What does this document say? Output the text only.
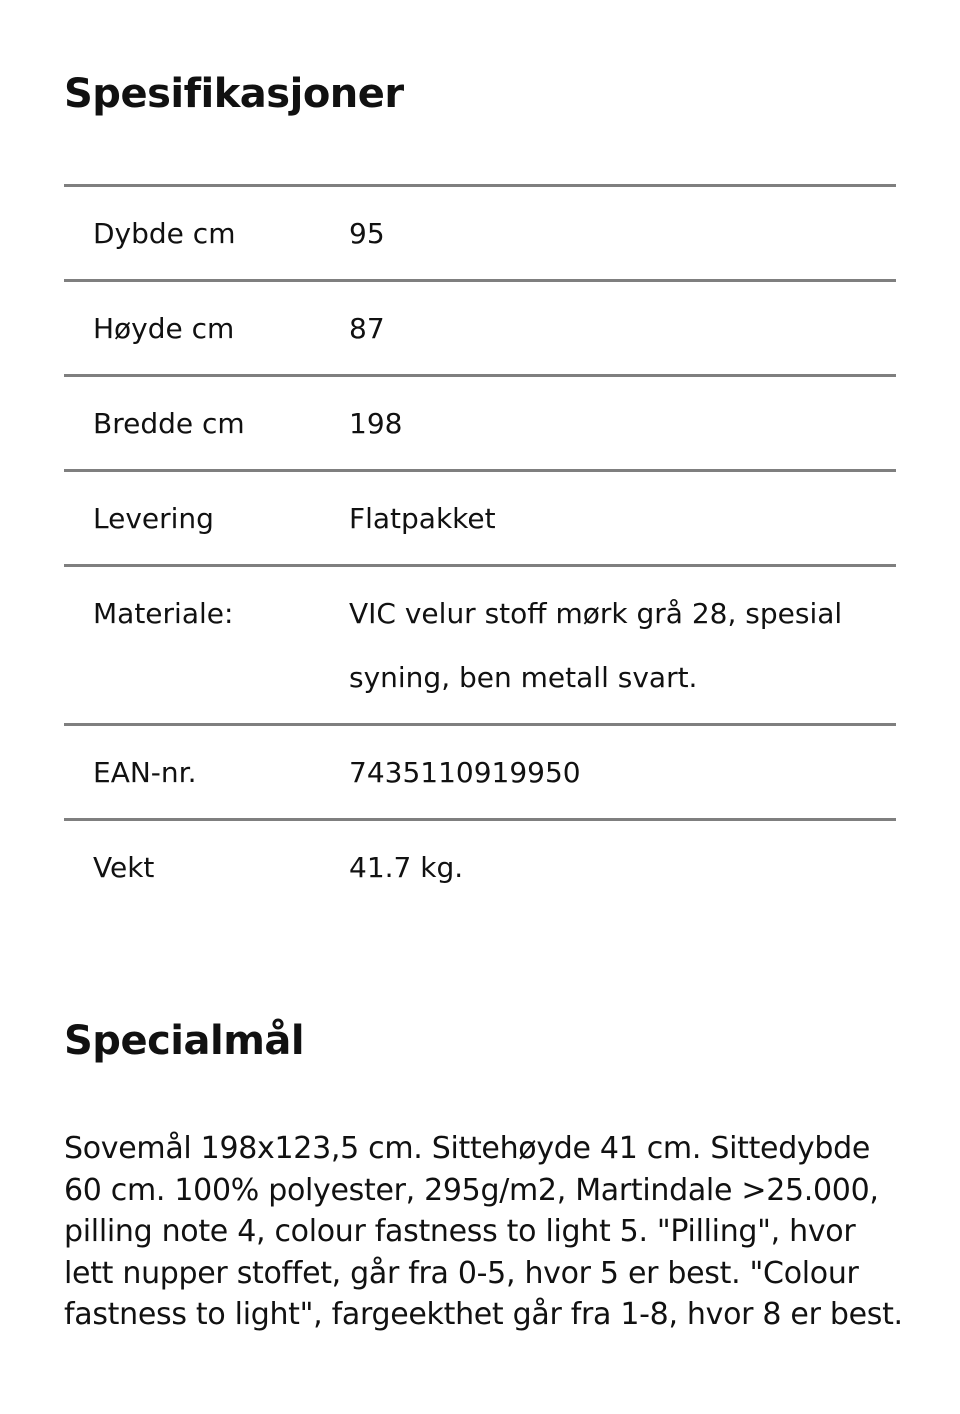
Spesifikasjoner
Dybde cm	95
Høyde cm	87
Bredde cm	198
Levering	Flatpakket
Materiale:	VIC velur stoff mørk grå 28, spesial syning, ben metall svart.
EAN-nr.	7435110919950
Vekt	41.7 kg.
Specialmål

Sovemål 198x123,5 cm. Sittehøyde 41 cm. Sittedybde 60 cm. 100% polyester, 295g/m2, Martindale >25.000, pilling note 4, colour fastness to light 5. "Pilling", hvor lett nupper stoffet, går fra 0-5, hvor 5 er best. "Colour fastness to light", fargeekthet går fra 1-8, hvor 8 er best.
